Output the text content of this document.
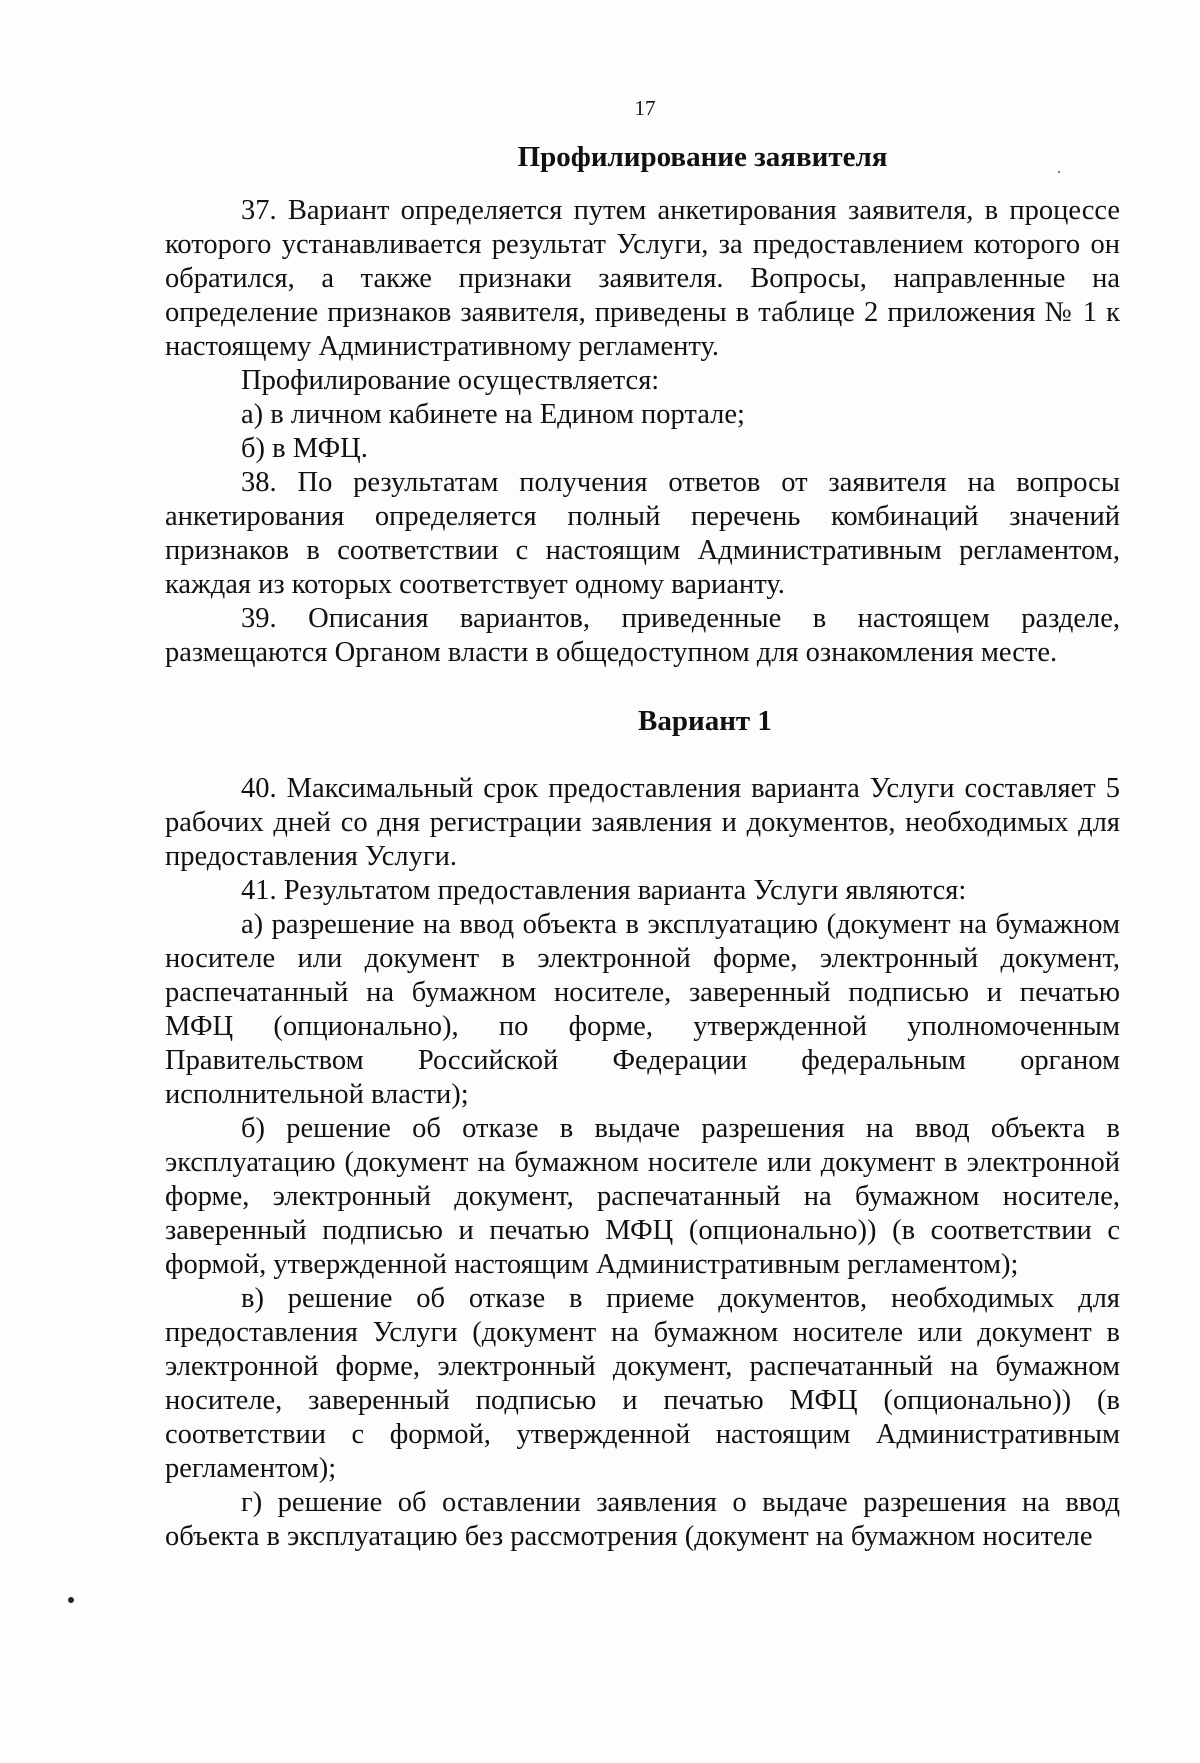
17
Профилирование заявителя

37. Вариант определяется путем анкетирования заявителя, в процессе которого устанавливается результат Услуги, за предоставлением которого он обратился, а также признаки заявителя. Вопросы, направленные на определение признаков заявителя, приведены в таблице 2 приложения № 1 к настоящему Административному регламенту.

Профилирование осуществляется:

а) в личном кабинете на Едином портале;

б) в МФЦ.

38. По результатам получения ответов от заявителя на вопросы анкетирования определяется полный перечень комбинаций значений признаков в соответствии с настоящим Административным регламентом, каждая из которых соответствует одному варианту.

39. Описания вариантов, приведенные в настоящем разделе, размещаются Органом власти в общедоступном для ознакомления месте.

Вариант 1

40. Максимальный срок предоставления варианта Услуги составляет 5 рабочих дней со дня регистрации заявления и документов, необходимых для предоставления Услуги.

41. Результатом предоставления варианта Услуги являются:

а) разрешение на ввод объекта в эксплуатацию (документ на бумажном носителе или документ в электронной форме, электронный документ, распечатанный на бумажном носителе, заверенный подписью и печатью МФЦ (опционально), по форме, утвержденной уполномоченным Правительством Российской Федерации федеральным органом исполнительной власти);

б) решение об отказе в выдаче разрешения на ввод объекта в эксплуатацию (документ на бумажном носителе или документ в электронной форме, электронный документ, распечатанный на бумажном носителе, заверенный подписью и печатью МФЦ (опционально)) (в соответствии с формой, утвержденной настоящим Административным регламентом);

в) решение об отказе в приеме документов, необходимых для предоставления Услуги (документ на бумажном носителе или документ в электронной форме, электронный документ, распечатанный на бумажном носителе, заверенный подписью и печатью МФЦ (опционально)) (в соответствии с формой, утвержденной настоящим Административным регламентом);

г) решение об оставлении заявления о выдаче разрешения на ввод объекта в эксплуатацию без рассмотрения (документ на бумажном носителе
